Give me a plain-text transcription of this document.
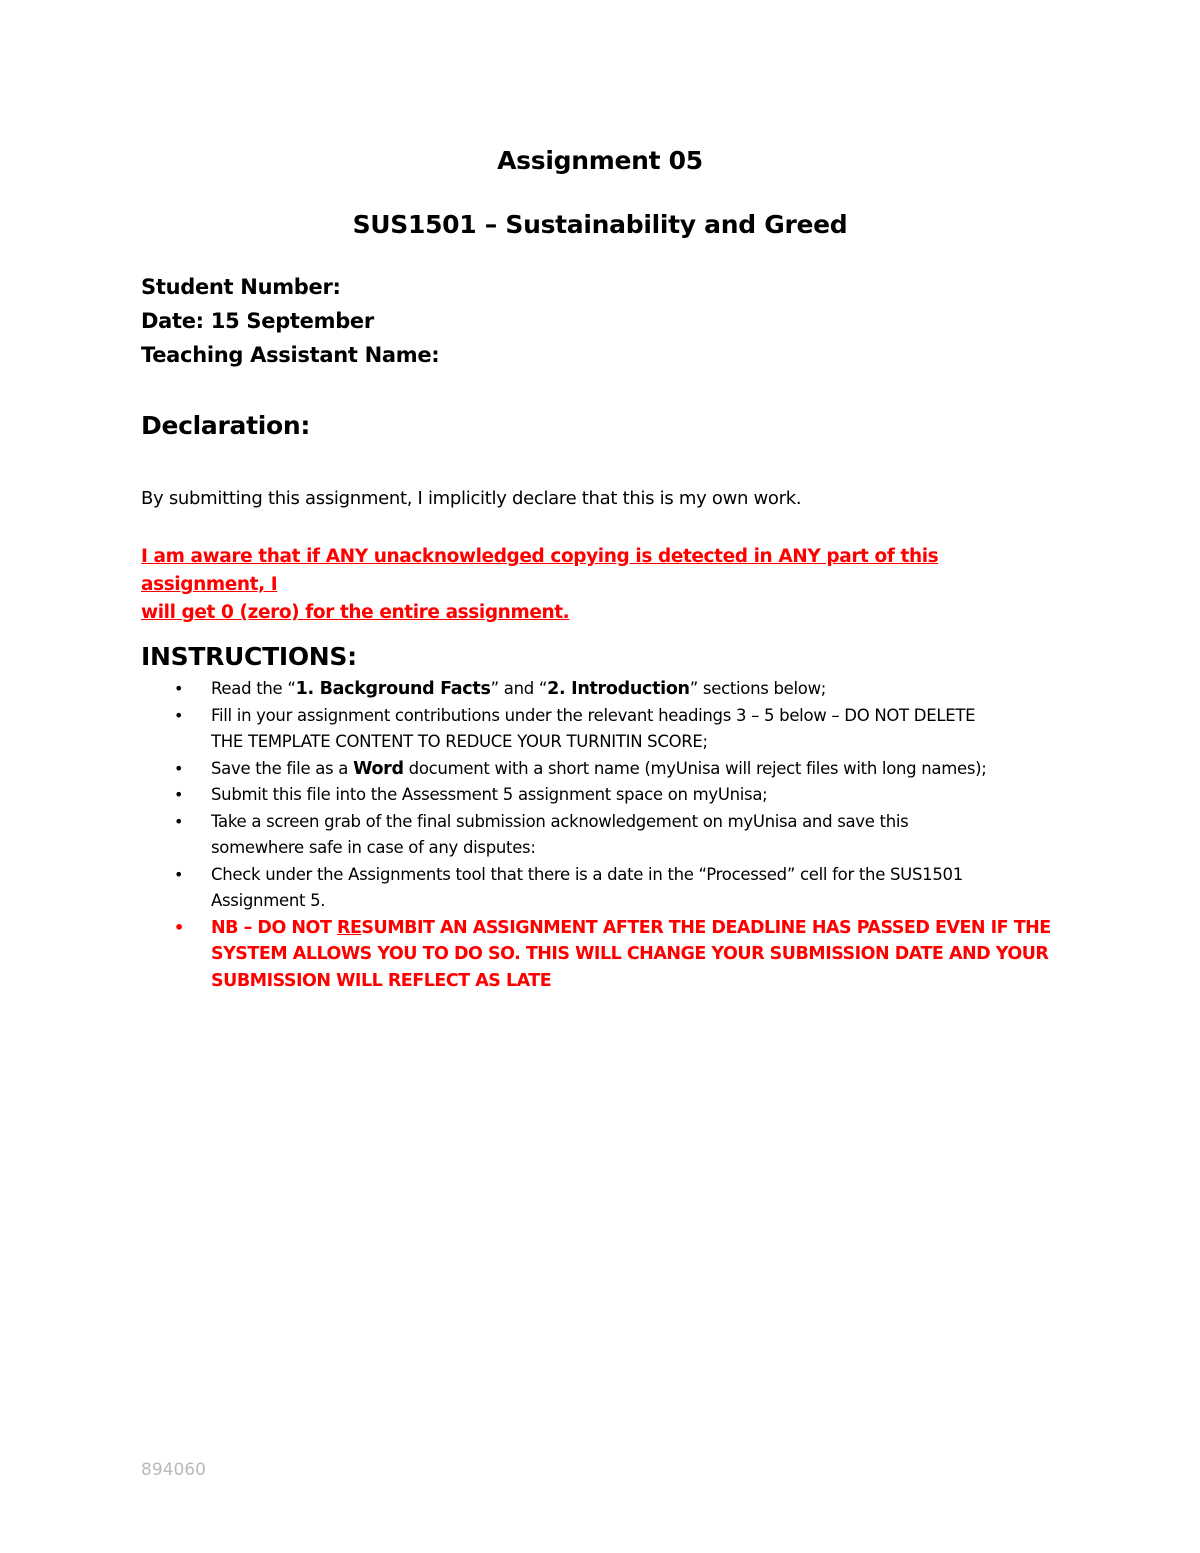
Assignment 05
SUS1501 – Sustainability and Greed
Student Number:
Date: 15 September
Teaching Assistant Name:
Declaration:
By submitting this assignment, I implicitly declare that this is my own work.
I am aware that if ANY unacknowledged copying is detected in ANY part of this assignment, I
will get 0 (zero) for the entire assignment.
INSTRUCTIONS:
• Read the “1. Background Facts” and “2. Introduction” sections below;
• Fill in your assignment contributions under the relevant headings 3 – 5 below – DO NOT DELETE
THE TEMPLATE CONTENT TO REDUCE YOUR TURNITIN SCORE;
• Save the file as a Word document with a short name (myUnisa will reject files with long names);
• Submit this file into the Assessment 5 assignment space on myUnisa;
• Take a screen grab of the final submission acknowledgement on myUnisa and save this
somewhere safe in case of any disputes:
• Check under the Assignments tool that there is a date in the “Processed” cell for the SUS1501
Assignment 5.
• NB – DO NOT RESUMBIT AN ASSIGNMENT AFTER THE DEADLINE HAS PASSED EVEN IF THE
SYSTEM ALLOWS YOU TO DO SO. THIS WILL CHANGE YOUR SUBMISSION DATE AND YOUR
SUBMISSION WILL REFLECT AS LATE
894060
